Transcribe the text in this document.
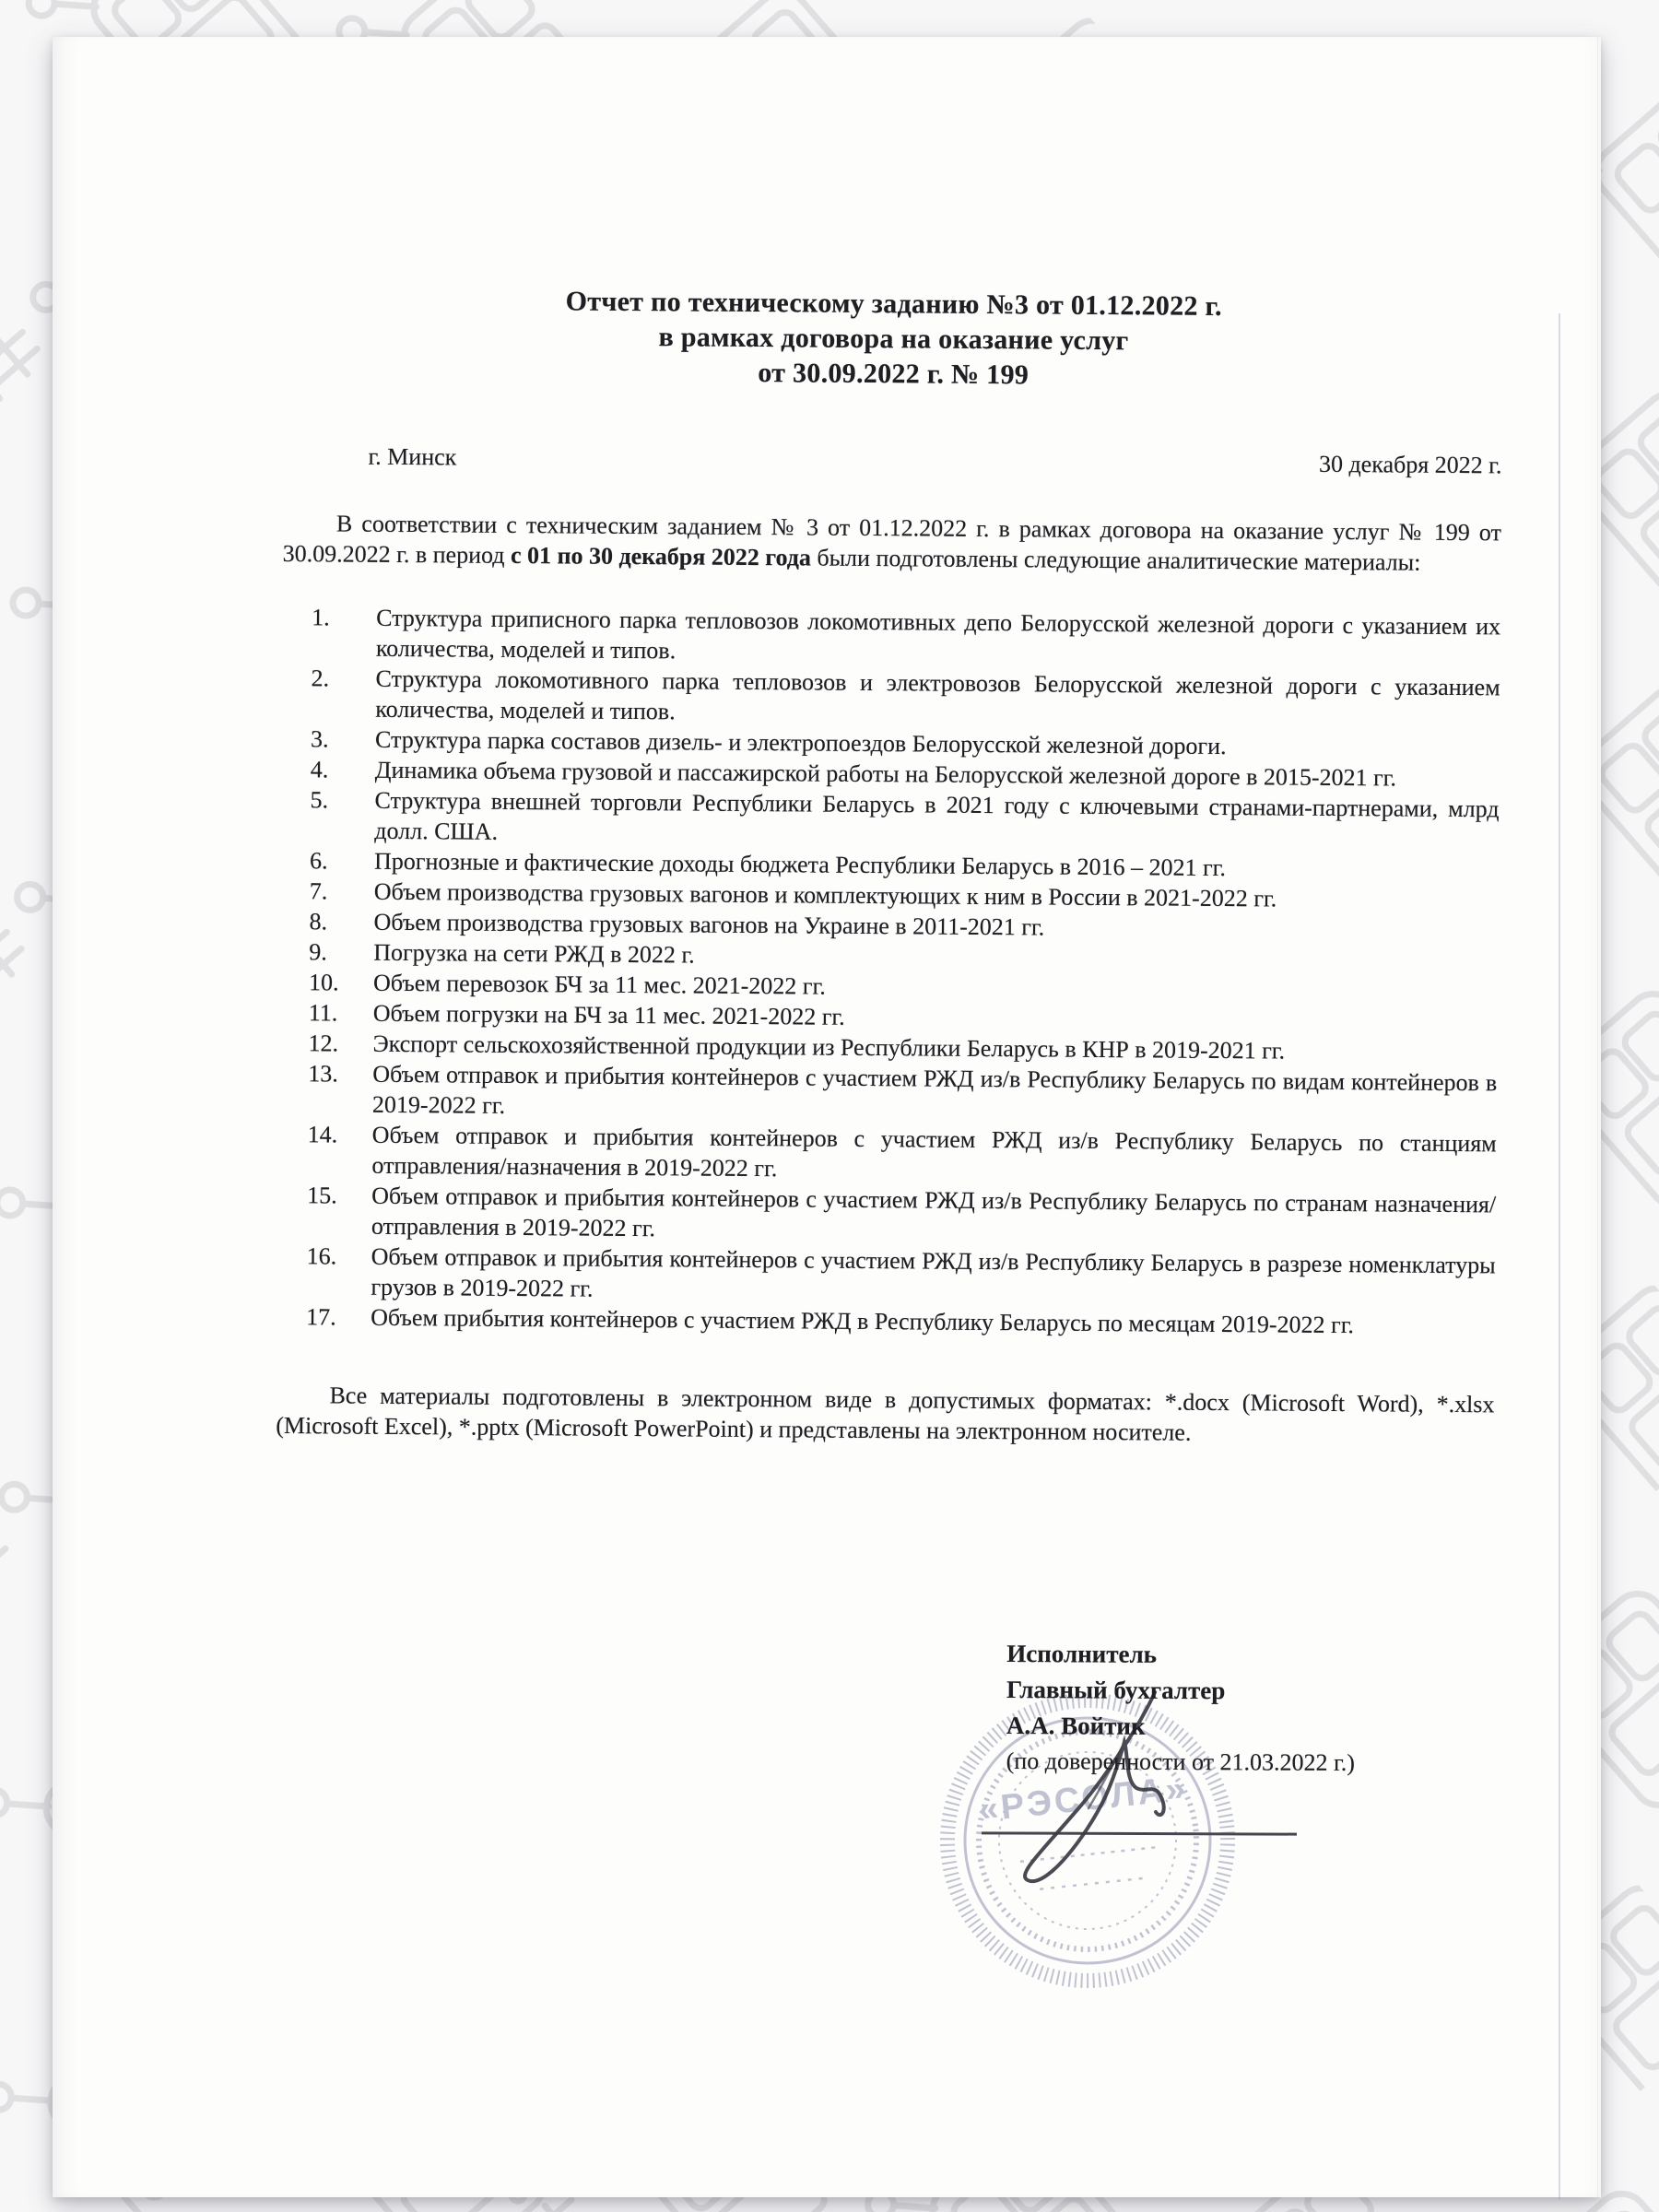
Отчет по техническому заданию №3 от 01.12.2022 г.
в рамках договора на оказание услуг
от 30.09.2022 г. № 199
г. Минск	30 декабря 2022 г.

В соответствии с техническим заданием № 3 от 01.12.2022 г. в рамках договора на оказание услуг № 199 от 30.09.2022 г. в период с 01 по 30 декабря 2022 года были подготовлены следующие аналитические материалы:

Структура приписного парка тепловозов локомотивных депо Белорусской железной дороги с указанием их количества, моделей и типов.
Структура локомотивного парка тепловозов и электровозов Белорусской железной дороги с указанием количества, моделей и типов.
Структура парка составов дизель- и электропоездов Белорусской железной дороги.
Динамика объема грузовой и пассажирской работы на Белорусской железной дороге в 2015-2021 гг.
Структура внешней торговли Республики Беларусь в 2021 году с ключевыми странами-партнерами, млрд долл. США.
Прогнозные и фактические доходы бюджета Республики Беларусь в 2016 – 2021 гг.
Объем производства грузовых вагонов и комплектующих к ним в России в 2021-2022 гг.
Объем производства грузовых вагонов на Украине в 2011-2021 гг.
Погрузка на сети РЖД в 2022 г.
Объем перевозок БЧ за 11 мес. 2021-2022 гг.
Объем погрузки на БЧ за 11 мес. 2021-2022 гг.
Экспорт сельскохозяйственной продукции из Республики Беларусь в КНР в 2019-2021 гг.
Объем отправок и прибытия контейнеров с участием РЖД из/в Республику Беларусь по видам контейнеров в 2019-2022 гг.
Объем отправок и прибытия контейнеров с участием РЖД из/в Республику Беларусь по станциям отправления/назначения в 2019-2022 гг.
Объем отправок и прибытия контейнеров с участием РЖД из/в Республику Беларусь по странам назначения/отправления в 2019-2022 гг.
Объем отправок и прибытия контейнеров с участием РЖД из/в Республику Беларусь в разрезе номенклатуры грузов в 2019-2022 гг.
Объем прибытия контейнеров с участием РЖД в Республику Беларусь по месяцам 2019-2022 гг.

Все материалы подготовлены в электронном виде в допустимых форматах: *.docx (Microsoft Word), *.xlsx (Microsoft Excel), *.pptx (Microsoft PowerPoint) и представлены на электронном носителе.

«РЭСОЛА»
Исполнитель
Главный бухгалтер
А.А. Войтик
(по доверенности от 21.03.2022 г.)
